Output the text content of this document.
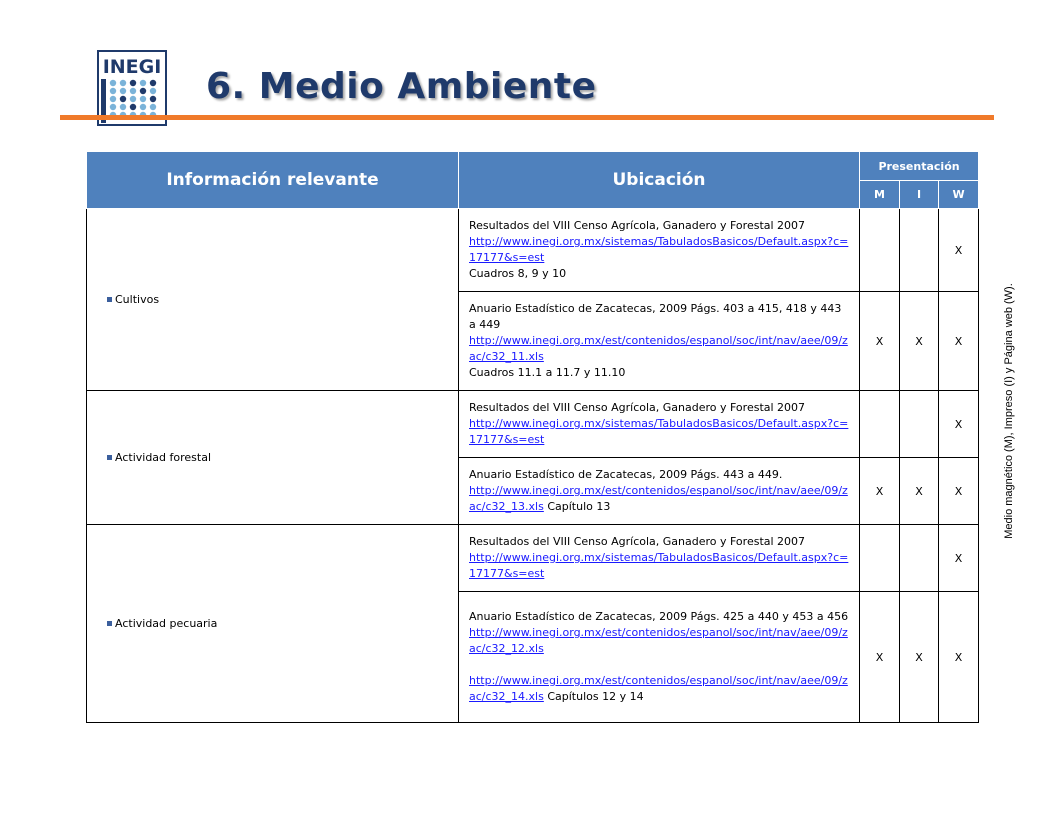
INEGI 6. Medio Ambiente
Información relevante	Ubicación	Presentación		
		M	I	W
Cultivos	Resultados del VIII Censo Agrícola, Ganadero y Forestal 2007
http://www.inegi.org.mx/sistemas/TabuladosBasicos/Default.aspx?c=17177&s=est
Cuadros 8, 9 y 10			X

	Anuario Estadístico de Zacatecas, 2009 Págs. 403 a 415, 418 y 443 a 449
http://www.inegi.org.mx/est/contenidos/espanol/soc/int/nav/aee/09/zac/c32_11.xls
Cuadros 11.1 a 11.7 y 11.10	X	X	X
Actividad forestal	Resultados del VIII Censo Agrícola, Ganadero y Forestal 2007
http://www.inegi.org.mx/sistemas/TabuladosBasicos/Default.aspx?c=17177&s=est			X

	Anuario Estadístico de Zacatecas, 2009 Págs. 443 a 449.
http://www.inegi.org.mx/est/contenidos/espanol/soc/int/nav/aee/09/zac/c32_13.xls Capítulo 13	X	X	X
Actividad pecuaria	Resultados del VIII Censo Agrícola, Ganadero y Forestal 2007
http://www.inegi.org.mx/sistemas/TabuladosBasicos/Default.aspx?c=17177&s=est			X

	Anuario Estadístico de Zacatecas, 2009 Págs. 425 a 440 y 453 a 456
http://www.inegi.org.mx/est/contenidos/espanol/soc/int/nav/aee/09/zac/c32_12.xls
http://www.inegi.org.mx/est/contenidos/espanol/soc/int/nav/aee/09/zac/c32_14.xls Capítulos 12 y 14	X	X	X
Medio magnético (M), Impreso (I) y Página web (W).
